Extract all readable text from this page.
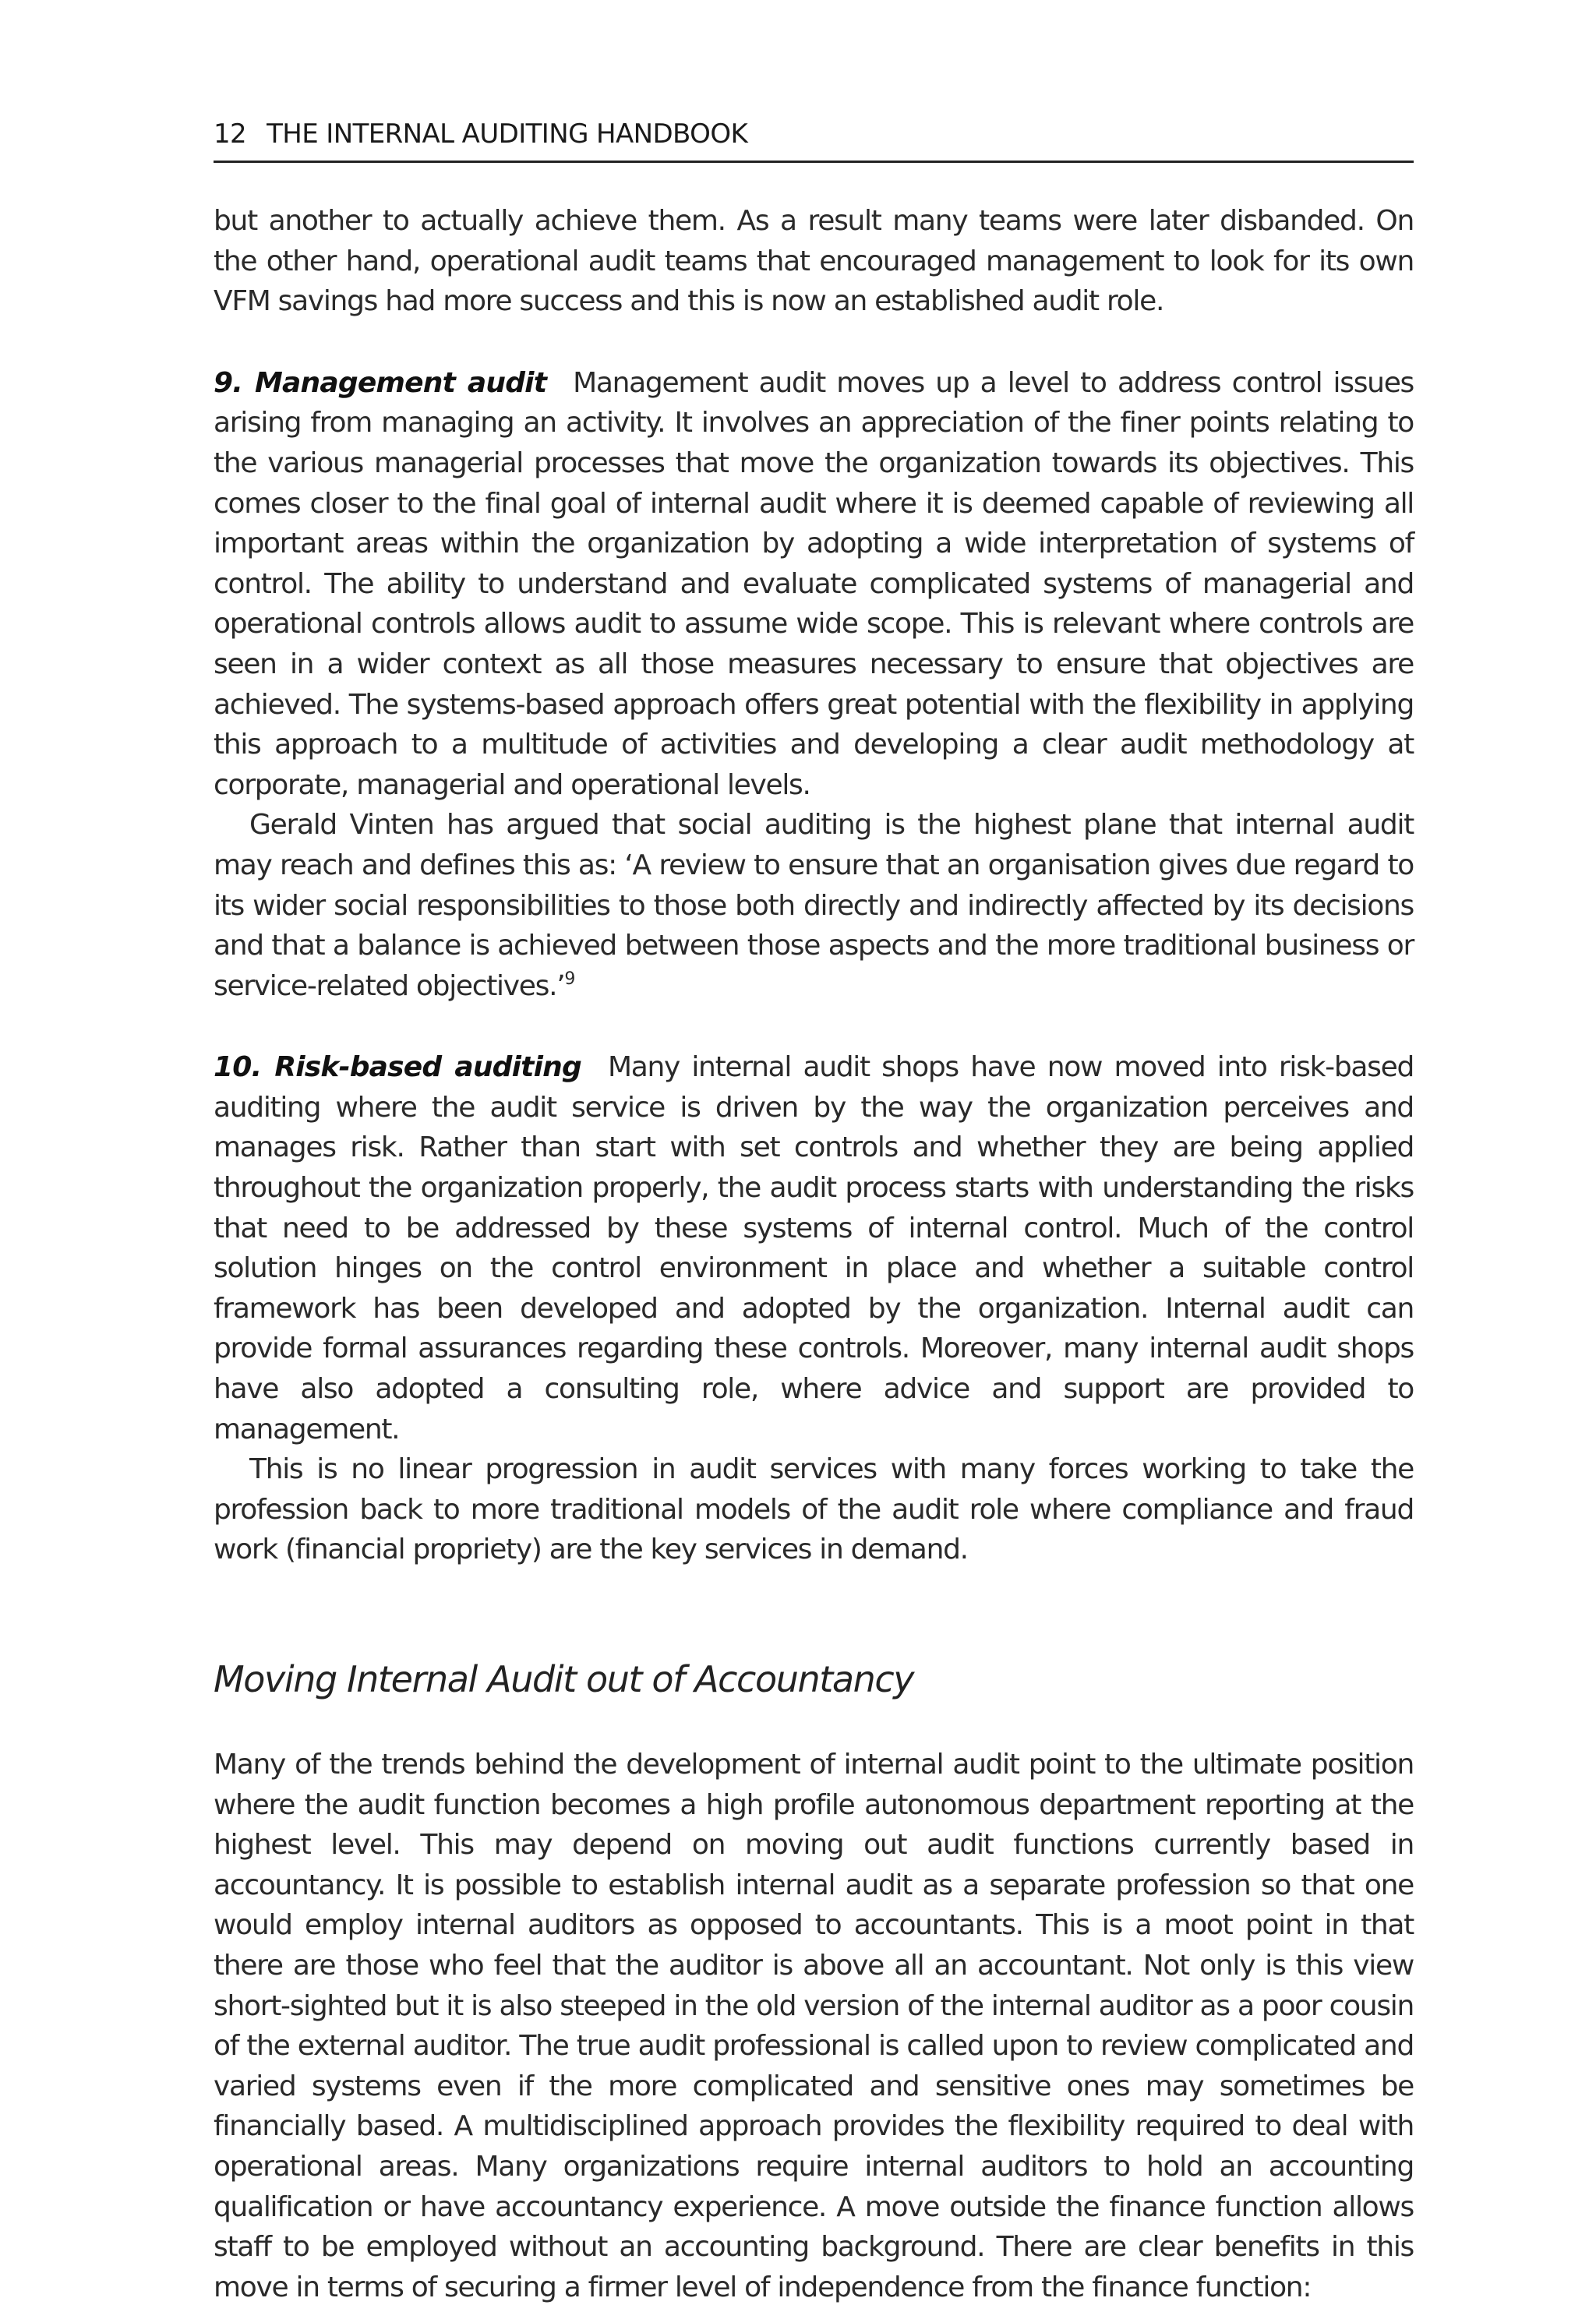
12 THE INTERNAL AUDITING HANDBOOK

but another to actually achieve them. As a result many teams were later disbanded. On the other hand, operational audit teams that encouraged management to look for its own VFM savings had more success and this is now an established audit role.

9. Management audit Management audit moves up a level to address control issues arising from managing an activity. It involves an appreciation of the finer points relating to the various managerial processes that move the organization towards its objectives. This comes closer to the final goal of internal audit where it is deemed capable of reviewing all important areas within the organization by adopting a wide interpretation of systems of control. The ability to understand and evaluate complicated systems of managerial and operational controls allows audit to assume wide scope. This is relevant where controls are seen in a wider context as all those measures necessary to ensure that objectives are achieved. The systems-based approach offers great potential with the flexibility in applying this approach to a multitude of activities and developing a clear audit methodology at corporate, managerial and operational levels.

Gerald Vinten has argued that social auditing is the highest plane that internal audit may reach and defines this as: ‘A review to ensure that an organisation gives due regard to its wider social responsibilities to those both directly and indirectly affected by its decisions and that a balance is achieved between those aspects and the more traditional business or service-related objectives.’$^9$

10. Risk-based auditing Many internal audit shops have now moved into risk-based auditing where the audit service is driven by the way the organization perceives and manages risk. Rather than start with set controls and whether they are being applied throughout the organization properly, the audit process starts with understanding the risks that need to be addressed by these systems of internal control. Much of the control solution hinges on the control environment in place and whether a suitable control framework has been developed and adopted by the organization. Internal audit can provide formal assurances regarding these controls. Moreover, many internal audit shops have also adopted a consulting role, where advice and support are provided to management.

This is no linear progression in audit services with many forces working to take the profession back to more traditional models of the audit role where compliance and fraud work (financial propriety) are the key services in demand.

Moving Internal Audit out of Accountancy

Many of the trends behind the development of internal audit point to the ultimate position where the audit function becomes a high profile autonomous department reporting at the highest level. This may depend on moving out audit functions currently based in accountancy. It is possible to establish internal audit as a separate profession so that one would employ internal auditors as opposed to accountants. This is a moot point in that there are those who feel that the auditor is above all an accountant. Not only is this view short-sighted but it is also steeped in the old version of the internal auditor as a poor cousin of the external auditor. The true audit professional is called upon to review complicated and varied systems even if the more complicated and sensitive ones may sometimes be financially based. A multidisciplined approach provides the flexibility required to deal with operational areas. Many organizations require internal auditors to hold an accounting qualification or have accountancy experience. A move outside the finance function allows staff to be employed without an accounting background. There are clear benefits in this move in terms of securing a firmer level of independence from the finance function:
